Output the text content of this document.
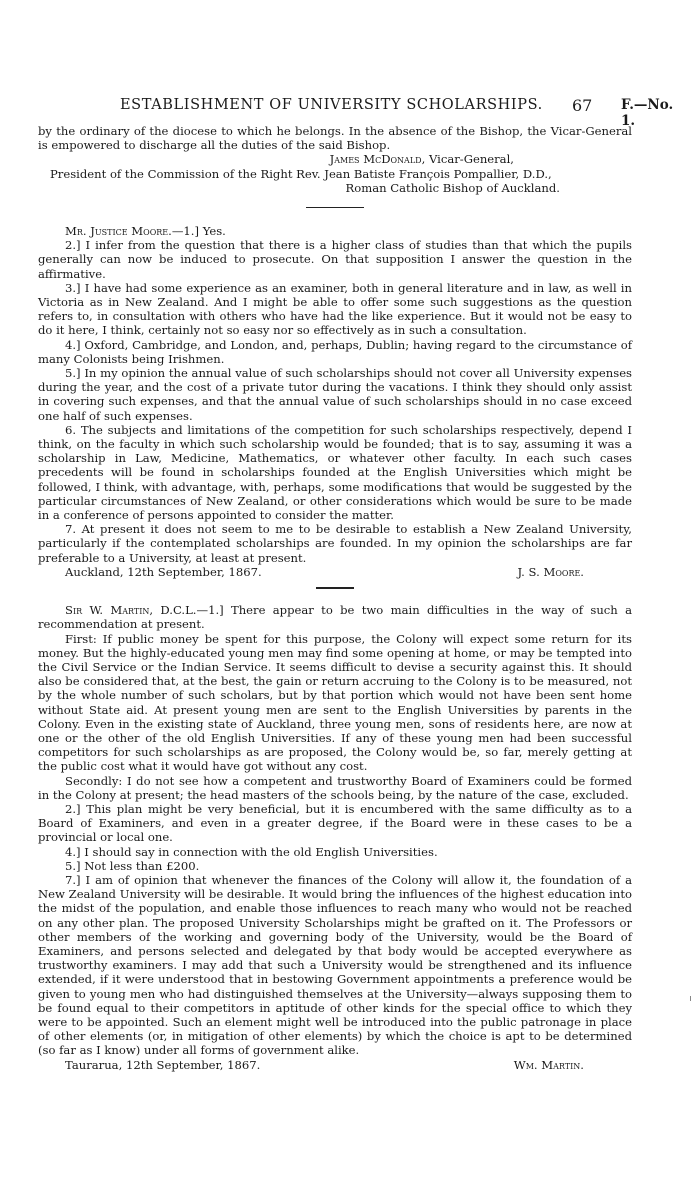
ESTABLISHMENT OF UNIVERSITY SCHOLARSHIPS. 67 F.—No. 1.

by the ordinary of the diocese to which he belongs. In the absence of the Bishop, the Vicar-General is empowered to discharge all the duties of the said Bishop.

James McDonald, Vicar-General,

President of the Commission of the Right Rev. Jean Batiste François Pompallier, D.D.,

Roman Catholic Bishop of Auckland.

Mr. Justice Moore.—1.] Yes.

2.] I infer from the question that there is a higher class of studies than that which the pupils generally can now be induced to prosecute. On that supposition I answer the question in the affirmative.

3.] I have had some experience as an examiner, both in general literature and in law, as well in Victoria as in New Zealand. And I might be able to offer some such suggestions as the question refers to, in consultation with others who have had the like experience. But it would not be easy to do it here, I think, certainly not so easy nor so effectively as in such a consultation.

4.] Oxford, Cambridge, and London, and, perhaps, Dublin; having regard to the circumstance of many Colonists being Irishmen.

5.] In my opinion the annual value of such scholarships should not cover all University expenses during the year, and the cost of a private tutor during the vacations. I think they should only assist in covering such expenses, and that the annual value of such scholarships should in no case exceed one half of such expenses.

6. The subjects and limitations of the competition for such scholarships respectively, depend I think, on the faculty in which such scholarship would be founded; that is to say, assuming it was a scholarship in Law, Medicine, Mathematics, or whatever other faculty. In each such cases precedents will be found in scholarships founded at the English Universities which might be followed, I think, with advantage, with, perhaps, some modifications that would be suggested by the particular circumstances of New Zealand, or other considerations which would be sure to be made in a conference of persons appointed to consider the matter.

7. At present it does not seem to me to be desirable to establish a New Zealand University, particularly if the contemplated scholarships are founded. In my opinion the scholarships are far preferable to a University, at least at present.

Auckland, 12th September, 1867.	J. S. Moore.

Sir W. Martin, D.C.L.—1.] There appear to be two main difficulties in the way of such a recommendation at present.

First: If public money be spent for this purpose, the Colony will expect some return for its money. But the highly-educated young men may find some opening at home, or may be tempted into the Civil Service or the Indian Service. It seems difficult to devise a security against this. It should also be considered that, at the best, the gain or return accruing to the Colony is to be measured, not by the whole number of such scholars, but by that portion which would not have been sent home without State aid. At present young men are sent to the English Universities by parents in the Colony. Even in the existing state of Auckland, three young men, sons of residents here, are now at one or the other of the old English Universities. If any of these young men had been successful competitors for such scholarships as are proposed, the Colony would be, so far, merely getting at the public cost what it would have got without any cost.

Secondly: I do not see how a competent and trustworthy Board of Examiners could be formed in the Colony at present; the head masters of the schools being, by the nature of the case, excluded.

2.] This plan might be very beneficial, but it is encumbered with the same difficulty as to a Board of Examiners, and even in a greater degree, if the Board were in these cases to be a provincial or local one.

4.] I should say in connection with the old English Universities.

5.] Not less than £200.

7.] I am of opinion that whenever the finances of the Colony will allow it, the foundation of a New Zealand University will be desirable. It would bring the influences of the highest education into the midst of the population, and enable those influences to reach many who would not be reached on any other plan. The proposed University Scholarships might be grafted on it. The Professors or other members of the working and governing body of the University, would be the Board of Examiners, and persons selected and delegated by that body would be accepted everywhere as trustworthy examiners. I may add that such a University would be strengthened and its influence extended, if it were understood that in bestowing Government appointments a preference would be given to young men who had distinguished themselves at the University—always supposing them to be found equal to their competitors in aptitude of other kinds for the special office to which they were to be appointed. Such an element might well be introduced into the public patronage in place of other elements (or, in mitigation of other elements) by which the choice is apt to be determined (so far as I know) under all forms of government alike.

Taurarua, 12th September, 1867.	Wm. Martin.
